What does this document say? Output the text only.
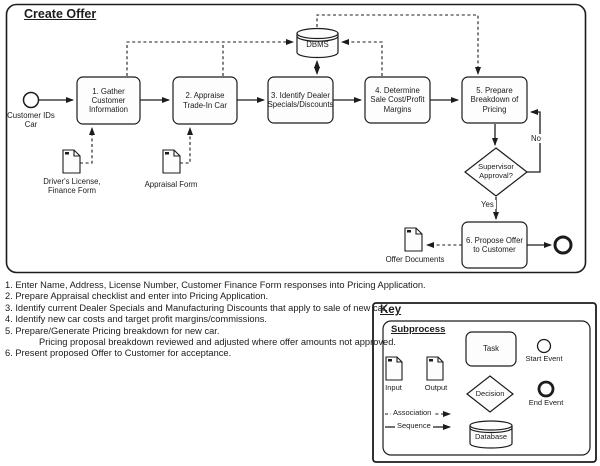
Create Offer
Customer IDs Car
1. Gather Customer Information
2. Appraise Trade-In Car
3. Identify Dealer Specials/Discounts
4. Determine Sale Cost/Profit Margins
5. Prepare Breakdown of Pricing
6. Propose Offer to Customer
DBMS
Supervisor Approval?
Yes
No
Driver's License, Finance Form
Appraisal Form
Offer Documents
1. Enter Name, Address, License Number, Customer Finance Form responses into Pricing Application.
2. Prepare Appraisal checklist and enter into Pricing Application.
3. Identify current Dealer Specials and Manufacturing Discounts that apply to sale of new car.
4. Identify new car costs and target profit margins/commissions.
5. Prepare/Generate Pricing breakdown for new car.
Pricing proposal breakdown reviewed and adjusted where offer amounts not approved.
6. Present proposed Offer to Customer for acceptance.
Key
Subprocess
Task
Start Event
Decision
End Event
Input	Output
Association
Sequence
Database
